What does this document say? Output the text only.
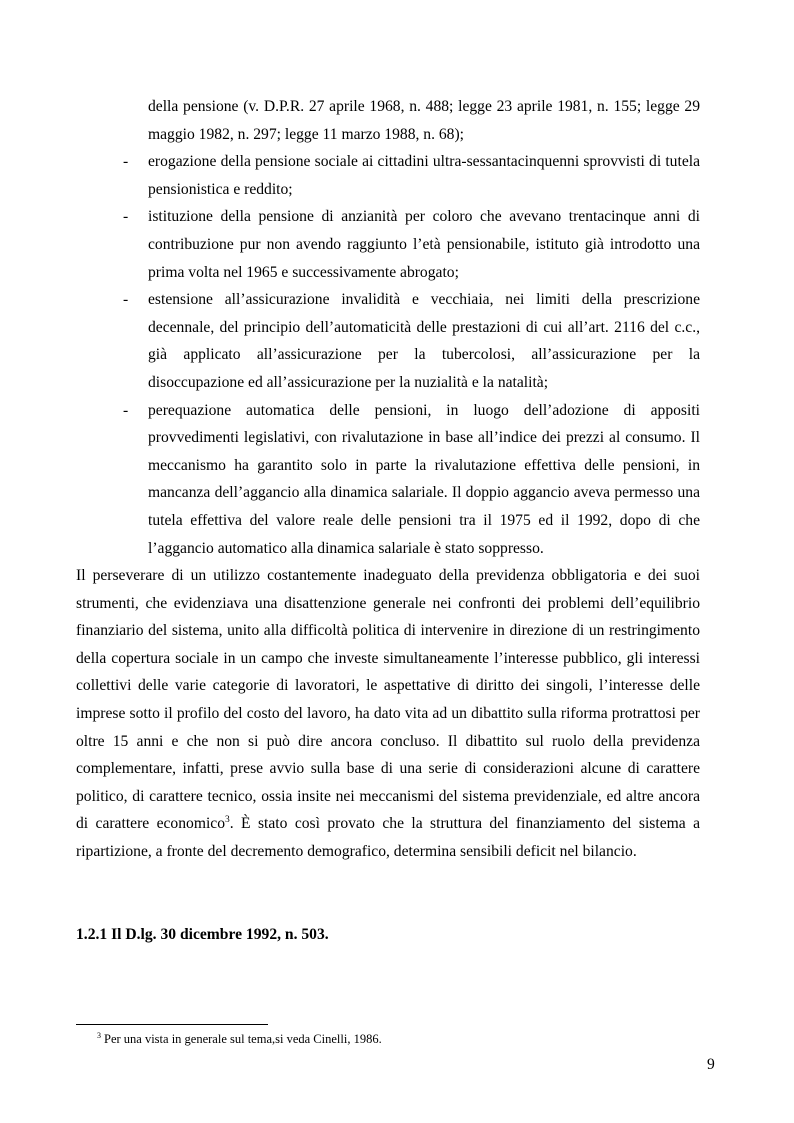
della pensione (v. D.P.R. 27 aprile 1968, n. 488; legge 23 aprile 1981, n. 155; legge 29 maggio 1982, n. 297; legge 11 marzo 1988, n. 68);

- erogazione della pensione sociale ai cittadini ultra-sessantacinquenni sprovvisti di tutela pensionistica e reddito;
- istituzione della pensione di anzianità per coloro che avevano trentacinque anni di contribuzione pur non avendo raggiunto l’età pensionabile, istituto già introdotto una prima volta nel 1965 e successivamente abrogato;
- estensione all’assicurazione invalidità e vecchiaia, nei limiti della prescrizione decennale, del principio dell’automaticità delle prestazioni di cui all’art. 2116 del c.c., già applicato all’assicurazione per la tubercolosi, all’assicurazione per la disoccupazione ed all’assicurazione per la nuzialità e la natalità;
- perequazione automatica delle pensioni, in luogo dell’adozione di appositi provvedimenti legislativi, con rivalutazione in base all’indice dei prezzi al consumo. Il meccanismo ha garantito solo in parte la rivalutazione effettiva delle pensioni, in mancanza dell’aggancio alla dinamica salariale. Il doppio aggancio aveva permesso una tutela effettiva del valore reale delle pensioni tra il 1975 ed il 1992, dopo di che l’aggancio automatico alla dinamica salariale è stato soppresso.

Il perseverare di un utilizzo costantemente inadeguato della previdenza obbligatoria e dei suoi strumenti, che evidenziava una disattenzione generale nei confronti dei problemi dell’equilibrio finanziario del sistema, unito alla difficoltà politica di intervenire in direzione di un restringimento della copertura sociale in un campo che investe simultaneamente l’interesse pubblico, gli interessi collettivi delle varie categorie di lavoratori, le aspettative di diritto dei singoli, l’interesse delle imprese sotto il profilo del costo del lavoro, ha dato vita ad un dibattito sulla riforma protrattosi per oltre 15 anni e che non si può dire ancora concluso. Il dibattito sul ruolo della previdenza complementare, infatti, prese avvio sulla base di una serie di considerazioni alcune di carattere politico, di carattere tecnico, ossia insite nei meccanismi del sistema previdenziale, ed altre ancora di carattere economico$^3$. È stato così provato che la struttura del finanziamento del sistema a ripartizione, a fronte del decremento demografico, determina sensibili deficit nel bilancio.

1.2.1 Il D.lg. 30 dicembre 1992, n. 503.

$^3$ Per una vista in generale sul tema,si veda Cinelli, 1986.

9
